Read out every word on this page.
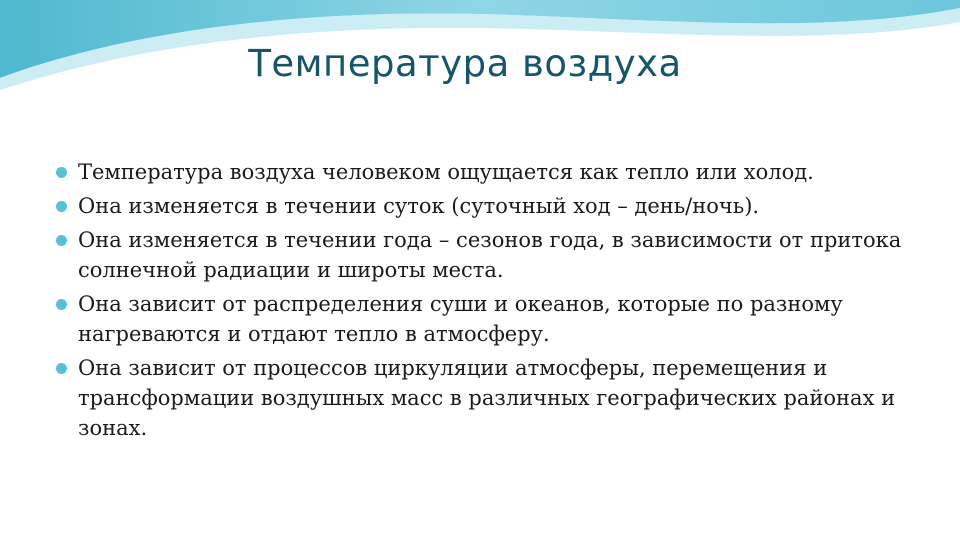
Температура воздуха
Температура воздуха человеком ощущается как тепло или холод.
Она изменяется в течении суток (суточный ход – день/ночь).
Она изменяется в течении года – сезонов года, в зависимости от притока солнечной радиации и широты места.
Она зависит от распределения суши и океанов, которые по разному нагреваются и отдают тепло в атмосферу.
Она зависит от процессов циркуляции атмосферы, перемещения и трансформации воздушных масс в различных географических районах и зонах.
